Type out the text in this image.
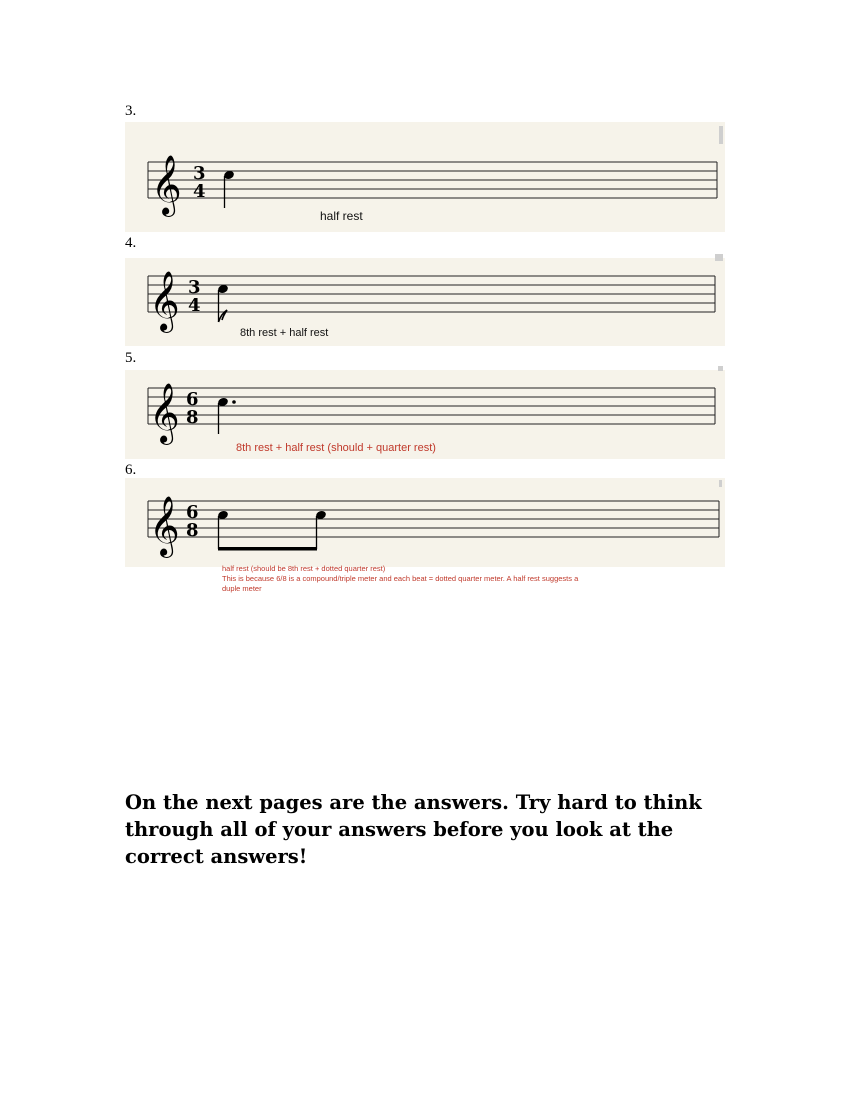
3.
𝄞 3
4
half rest
4.
𝄞 3
4
8th rest + half rest
5.
𝄞 6
8
8th rest + half rest (should + quarter rest)
6.
𝄞 6
8
half rest (should be 8th rest + dotted quarter rest)
This is because 6/8 is a compound/triple meter and each beat = dotted quarter meter. A half rest suggests a
duple meter
On the next pages are the answers. Try hard to think through all of your answers before you look at the correct answers!
